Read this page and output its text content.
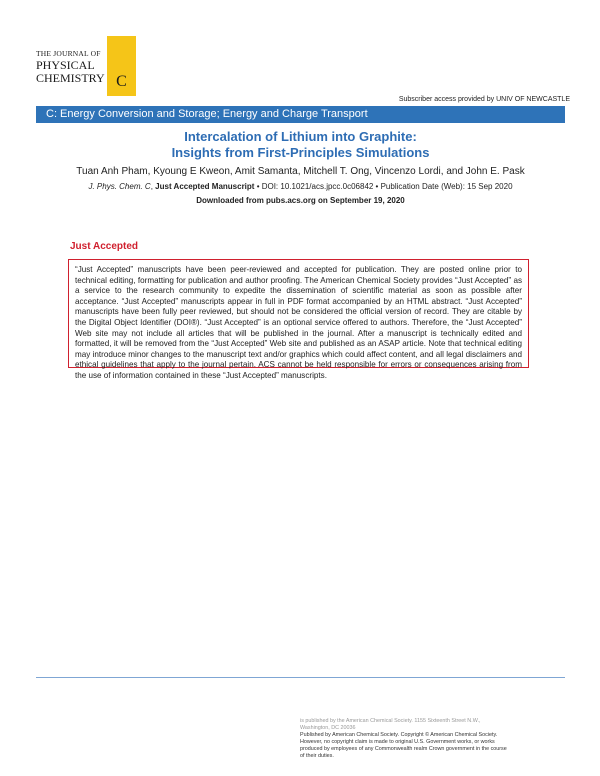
THE JOURNAL OF
PHYSICAL
CHEMISTRY C
Subscriber access provided by UNIV OF NEWCASTLE
C: Energy Conversion and Storage; Energy and Charge Transport
Intercalation of Lithium into Graphite:
Insights from First-Principles Simulations
Tuan Anh Pham, Kyoung E Kweon, Amit Samanta, Mitchell T. Ong, Vincenzo Lordi, and John E. Pask
J. Phys. Chem. C, Just Accepted Manuscript • DOI: 10.1021/acs.jpcc.0c06842 • Publication Date (Web): 15 Sep 2020
Downloaded from pubs.acs.org on September 19, 2020
Just Accepted

“Just Accepted” manuscripts have been peer-reviewed and accepted for publication. They are posted online prior to technical editing, formatting for publication and author proofing. The American Chemical Society provides “Just Accepted” as a service to the research community to expedite the dissemination of scientific material as soon as possible after acceptance. “Just Accepted” manuscripts appear in full in PDF format accompanied by an HTML abstract. “Just Accepted” manuscripts have been fully peer reviewed, but should not be considered the official version of record. They are citable by the Digital Object Identifier (DOI®). “Just Accepted” is an optional service offered to authors. Therefore, the “Just Accepted” Web site may not include all articles that will be published in the journal. After a manuscript is technically edited and formatted, it will be removed from the “Just Accepted” Web site and published as an ASAP article. Note that technical editing may introduce minor changes to the manuscript text and/or graphics which could affect content, and all legal disclaimers and ethical guidelines that apply to the journal pertain. ACS cannot be held responsible for errors or consequences arising from the use of information contained in these “Just Accepted” manuscripts.

is published by the American Chemical Society. 1155 Sixteenth Street N.W.,

Washington, DC 20036

Published by American Chemical Society. Copyright © American Chemical Society.

However, no copyright claim is made to original U.S. Government works, or works

produced by employees of any Commonwealth realm Crown government in the course

of their duties.
